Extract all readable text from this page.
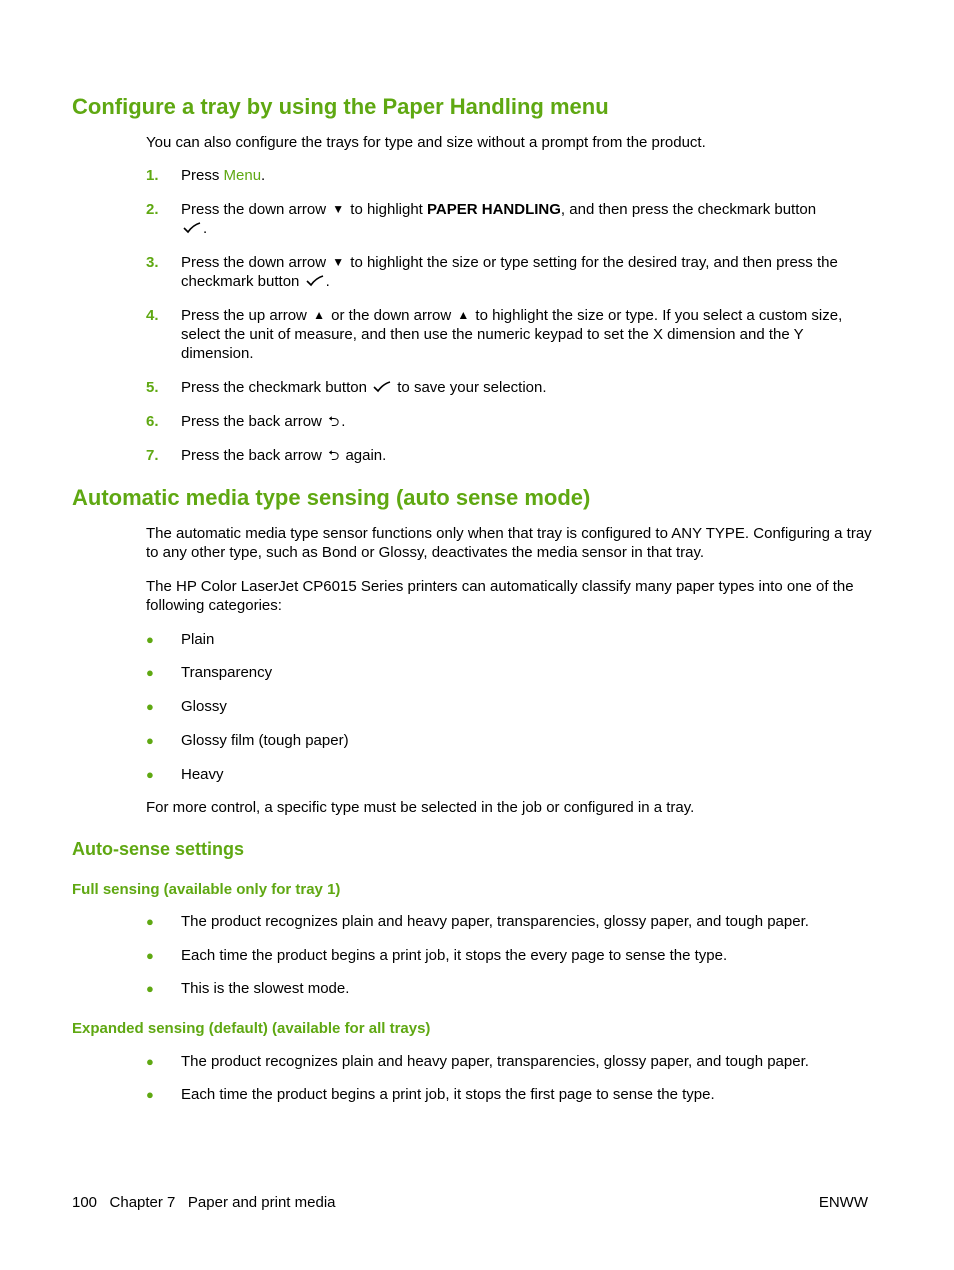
Configure a tray by using the Paper Handling menu

You can also configure the trays for type and size without a prompt from the product.

1.	Press Menu.
2.	Press the down arrow ▼ to highlight PAPER HANDLING, and then press the checkmark button
.
3.	Press the down arrow ▼ to highlight the size or type setting for the desired tray, and then press the checkmark button .
4.	Press the up arrow ▲ or the down arrow ▲ to highlight the size or type. If you select a custom size, select the unit of measure, and then use the numeric keypad to set the X dimension and the Y dimension.
5.	Press the checkmark button  to save your selection.
6.	Press the back arrow ⮌ .
7.	Press the back arrow ⮌ again.
Automatic media type sensing (auto sense mode)

The automatic media type sensor functions only when that tray is configured to ANY TYPE. Configuring a tray to any other type, such as Bond or Glossy, deactivates the media sensor in that tray.

The HP Color LaserJet CP6015 Series printers can automatically classify many paper types into one of the following categories:

●	Plain
●	Transparency
●	Glossy
●	Glossy film (tough paper)
●	Heavy

For more control, a specific type must be selected in the job or configured in a tray.

Auto-sense settings
Full sensing (available only for tray 1)
●	The product recognizes plain and heavy paper, transparencies, glossy paper, and tough paper.
●	Each time the product begins a print job, it stops the every page to sense the type.
●	This is the slowest mode.
Expanded sensing (default) (available for all trays)
●	The product recognizes plain and heavy paper, transparencies, glossy paper, and tough paper.
●	Each time the product begins a print job, it stops the first page to sense the type.
100   Chapter 7   Paper and print media	ENWW
